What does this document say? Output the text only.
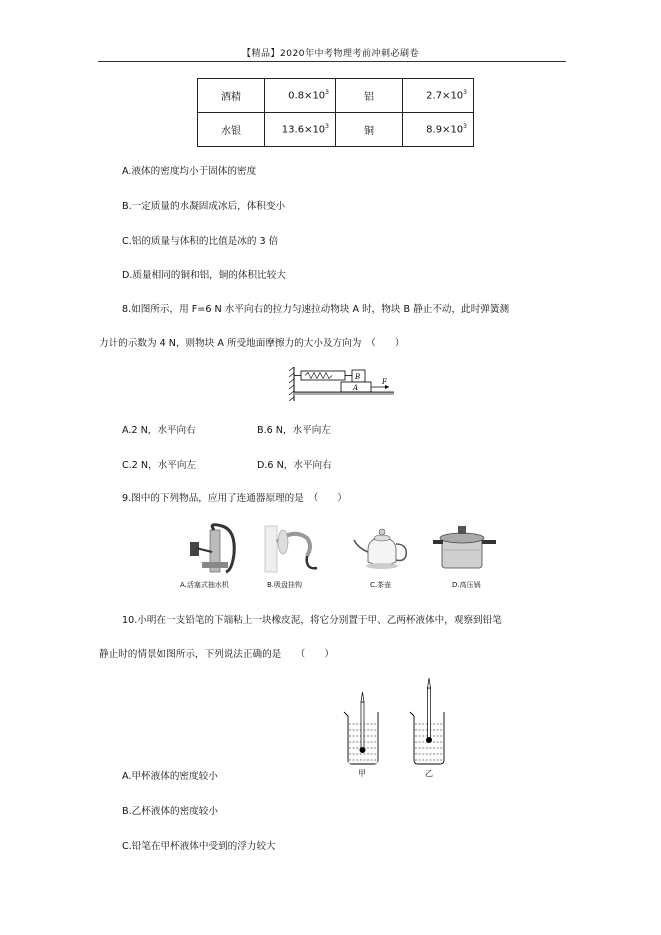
【精品】2020年中考物理考前冲刺必刷卷
酒精	$0.8\times 10^3$	铝	$2.7\times 10^3$
水银	$13.6\times 10^3$	铜	$8.9\times 10^3$
A.液体的密度均小于固体的密度
B.一定质量的水凝固成冰后，体积变小
C.铝的质量与体积的比值是冰的 3 倍
D.质量相同的铜和铝，铜的体积比较大
8.如图所示，用 F=6 N 水平向右的拉力匀速拉动物块 A 时，物块 B 静止不动，此时弹簧测
力计的示数为 4 N，则物块 A 所受地面摩擦力的大小及方向为　（　　）
B
A
F
A.2 N，水平向右	B.6 N，水平向左
C.2 N，水平向左	D.6 N，水平向右
9.图中的下列物品，应用了连通器原理的是　（　　）
A.活塞式抽水机	B.吸盘挂钩	C.茶壶	D.高压锅
10.小明在一支铅笔的下端粘上一块橡皮泥，将它分别置于甲、乙两杯液体中，观察到铅笔
静止时的情景如图所示，下列说法正确的是　　（　　）
甲	乙
A.甲杯液体的密度较小
B.乙杯液体的密度较小
C.铅笔在甲杯液体中受到的浮力较大
